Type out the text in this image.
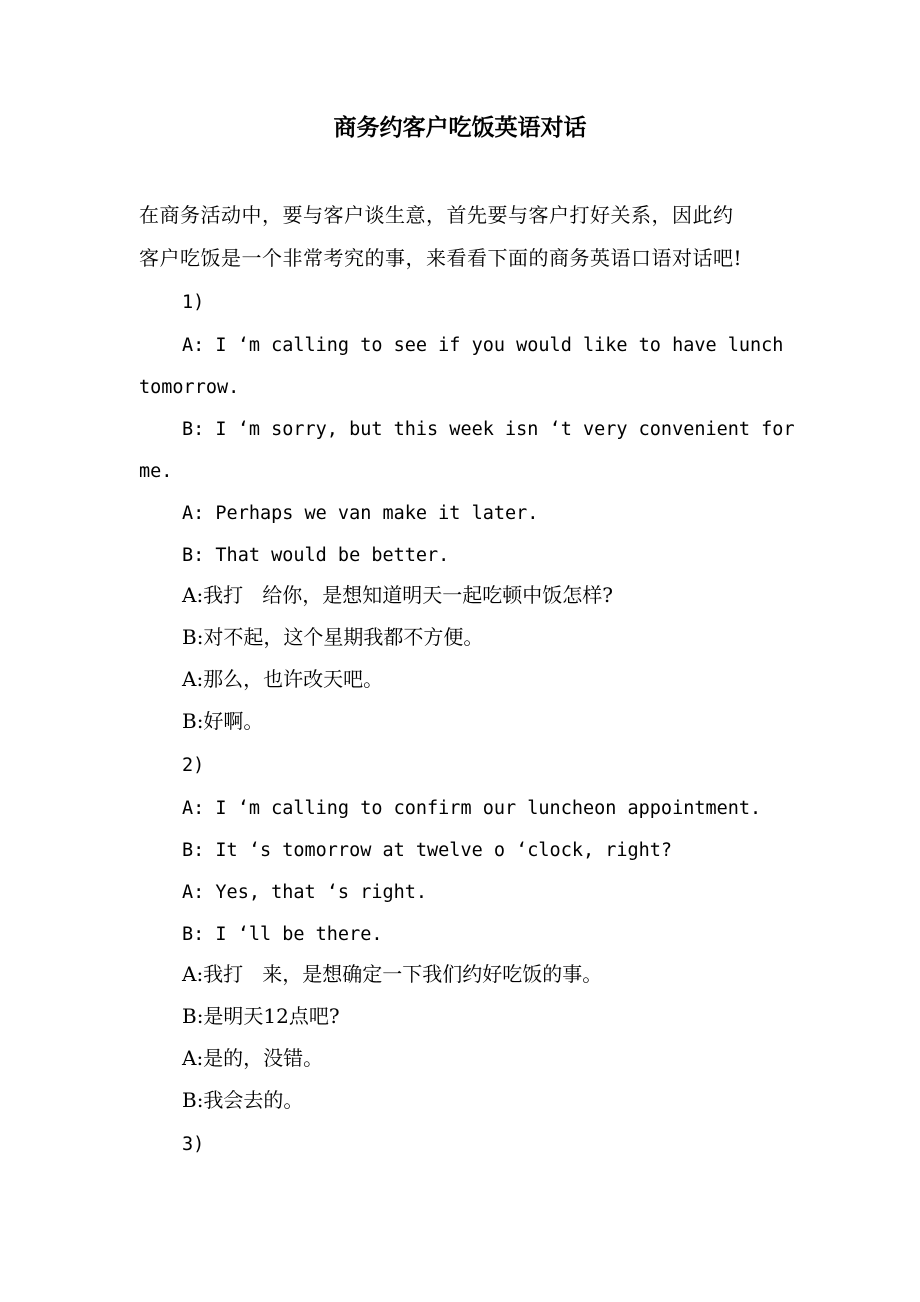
商务约客户吃饭英语对话
在商务活动中，要与客户谈生意，首先要与客户打好关系，因此约
客户吃饭是一个非常考究的事，来看看下面的商务英语口语对话吧!
1)
A: I ‘m calling to see if you would like to have lunch
tomorrow.
B: I ‘m sorry, but this week isn ‘t very convenient for
me.
A: Perhaps we van make it later.
B: That would be better.
A:我打   给你，是想知道明天一起吃顿中饭怎样?
B:对不起，这个星期我都不方便。
A:那么，也许改天吧。
B:好啊。
2)
A: I ‘m calling to confirm our luncheon appointment.
B: It ‘s tomorrow at twelve o ‘clock, right?
A: Yes, that ‘s right.
B: I ‘ll be there.
A:我打   来，是想确定一下我们约好吃饭的事。
B:是明天12点吧?
A:是的，没错。
B:我会去的。
3)
